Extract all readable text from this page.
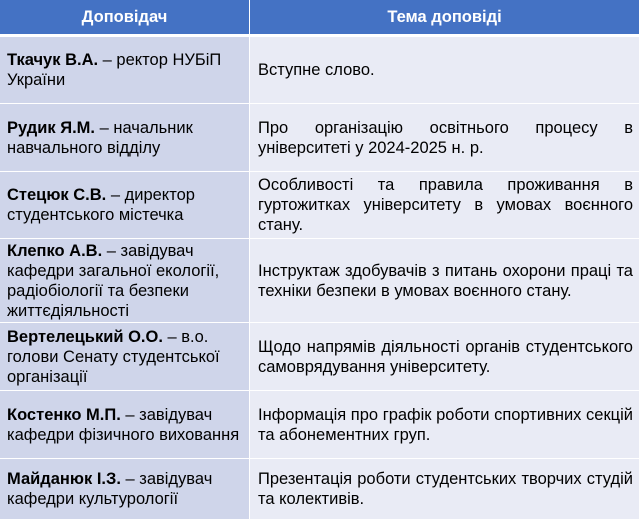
Доповідач	Тема доповіді
Ткачук В.А. – ректор НУБіП України
Вступне слово.
Рудик Я.М. – начальник навчального відділу
Про організацію освітнього процесу в університеті у 2024-2025 н. р.
Стецюк С.В. – директор студентського містечка
Особливості та правила проживання в гуртожитках університету в умовах воєнного стану.
Клепко А.В. – завідувач кафедри загальної екології, радіобіології та безпеки життєдіяльності
Інструктаж здобувачів з питань охорони праці та техніки безпеки в умовах воєнного стану.
Вертелецький О.О. – в.о. голови Сенату студентської організації
Щодо напрямів діяльності органів студентського самоврядування університету.
Костенко М.П. – завідувач кафедри фізичного виховання
Інформація про графік роботи спортивних секцій та абонементних груп.
Майданюк І.З. – завідувач кафедри культурології
Презентація роботи студентських творчих студій та колективів.
